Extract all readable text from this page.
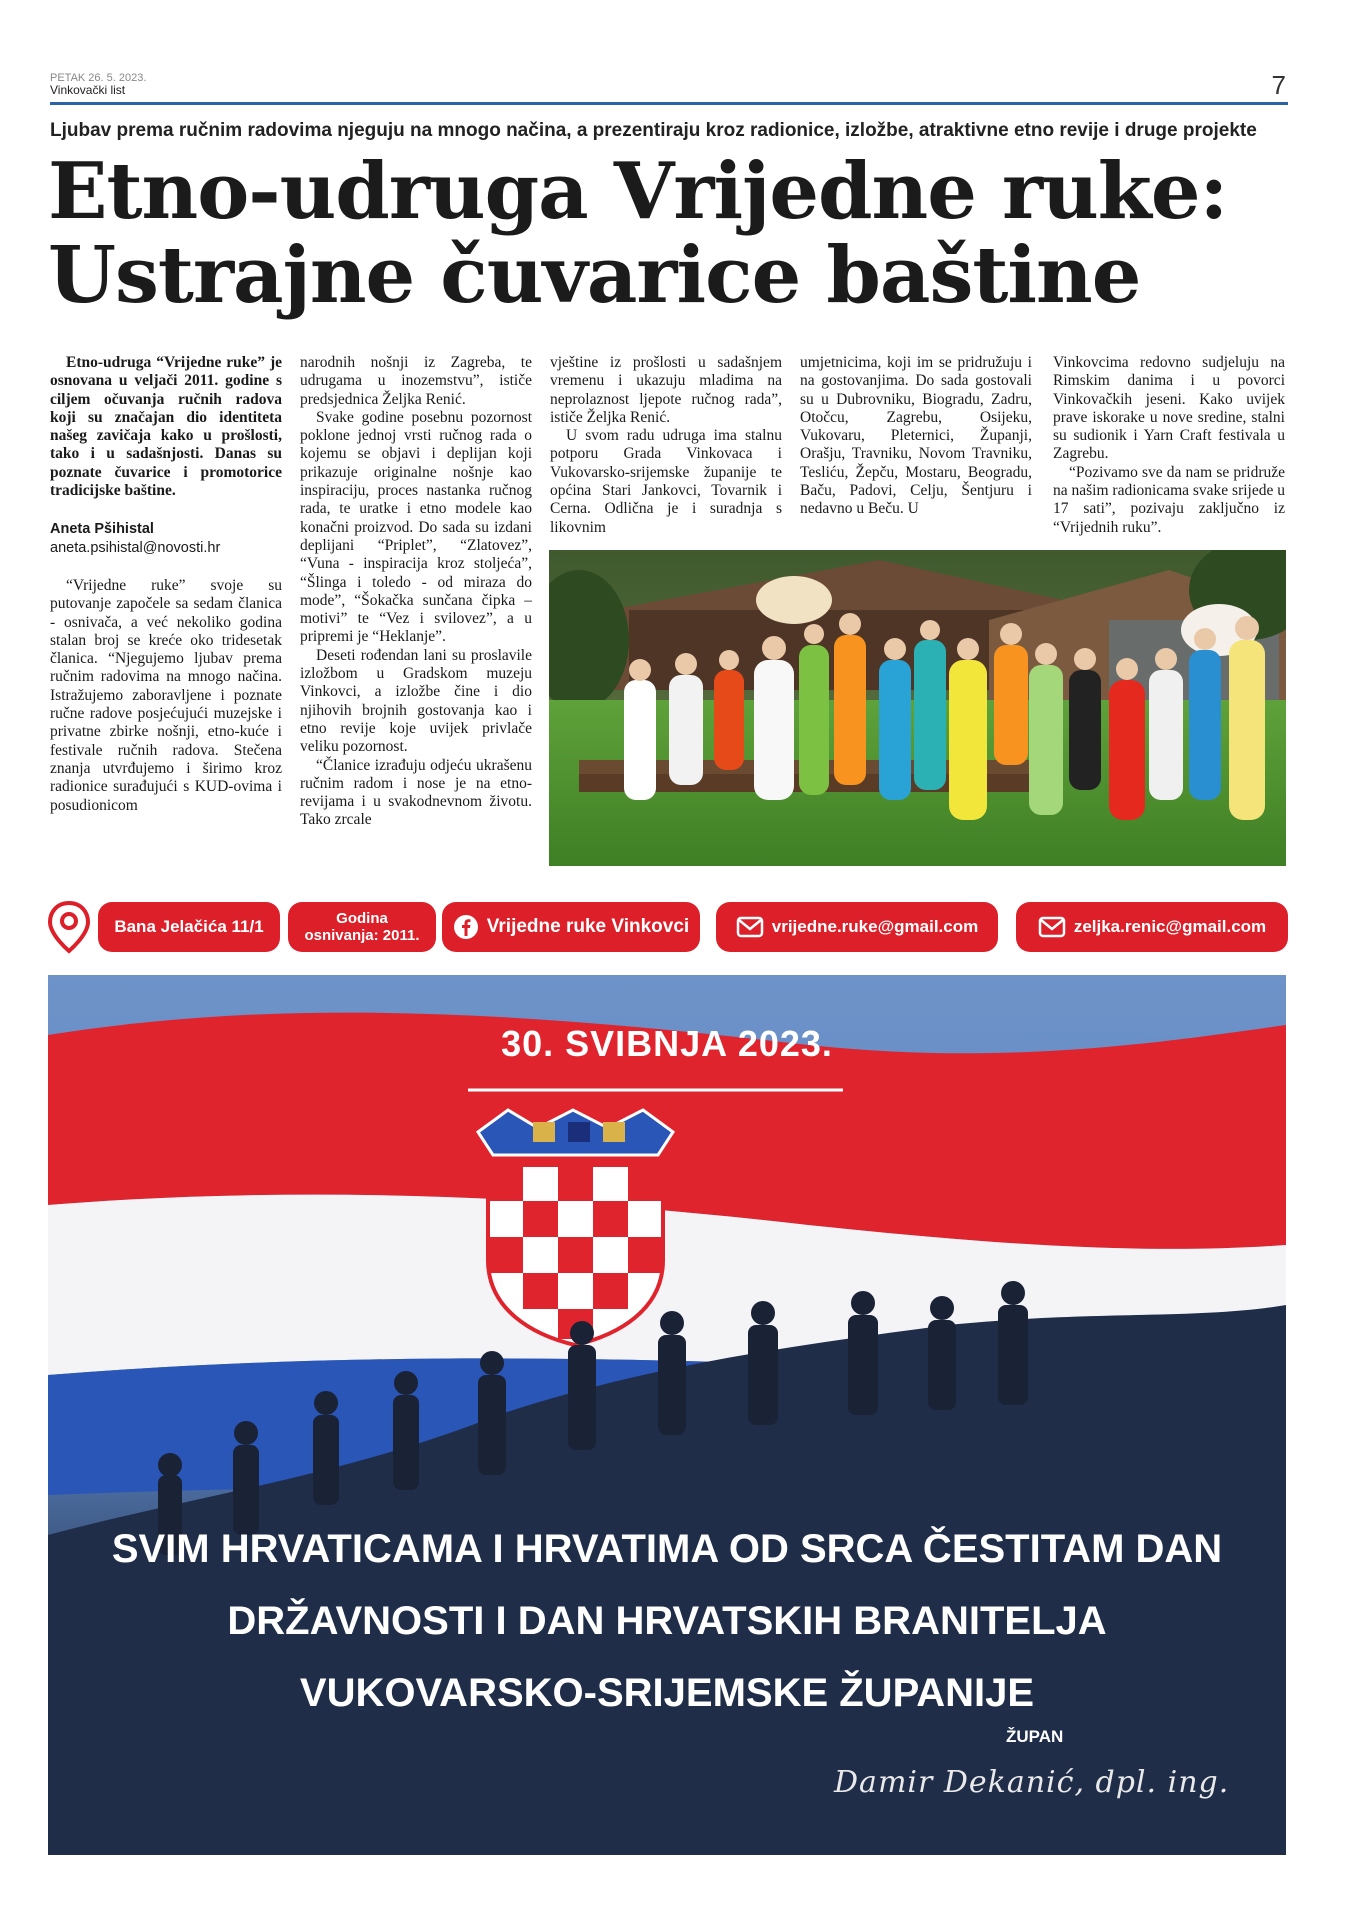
PETAK 26. 5. 2023.
Vinkovački list	7
Ljubav prema ručnim radovima njeguju na mnogo načina, a prezentiraju kroz radionice, izložbe, atraktivne etno revije i druge projekte
Etno-udruga Vrijedne ruke:
Ustrajne čuvarice baštine

Etno-udruga “Vrijedne ruke” je osnovana u veljači 2011. godine s ciljem očuvanja ručnih radova koji su značajan dio identiteta našeg zavičaja kako u prošlosti, tako i u sadašnjosti. Danas su poznate čuvarice i promotorice tradicijske baštine.

Aneta Pšihistal
aneta.psihistal@novosti.hr

“Vrijedne ruke” svoje su putovanje započele sa sedam članica - osnivača, a već nekoliko godina stalan broj se kreće oko tridesetak članica. “Njegujemo ljubav prema ručnim radovima na mnogo načina. Istražujemo zaboravljene i poznate ručne radove posjećujući muzejske i privatne zbirke nošnji, etno-kuće i festivale ručnih radova. Stečena znanja utvrđujemo i širimo kroz radionice surađujući s KUD-ovima i posudionicom

narodnih nošnji iz Zagreba, te udrugama u inozemstvu”, ističe predsjednica Željka Renić.

Svake godine posebnu pozornost poklone jednoj vrsti ručnog rada o kojemu se objavi i deplijan koji prikazuje originalne nošnje kao inspiraciju, proces nastanka ručnog rada, te uratke i etno modele kao konačni proizvod. Do sada su izdani deplijani “Priplet”, “Zlatovez”, “Vuna - inspiracija kroz stoljeća”, “Šlinga i toledo - od miraza do mode”, “Šokačka sunčana čipka – motivi” te “Vez i svilovez”, a u pripremi je “Heklanje”.

Deseti rođendan lani su proslavile izložbom u Gradskom muzeju Vinkovci, a izložbe čine i dio njihovih brojnih gostovanja kao i etno revije koje uvijek privlače veliku pozornost.

“Članice izrađuju odjeću ukrašenu ručnim radom i nose je na etno-revijama i u svakodnevnom životu. Tako zrcale

vještine iz prošlosti u sadašnjem vremenu i ukazuju mladima na neprolaznost ljepote ručnog rada”, ističe Željka Renić.

U svom radu udruga ima stalnu potporu Grada Vinkovaca i Vukovarsko-srijemske županije te općina Stari Jankovci, Tovarnik i Cerna. Odlična je i suradnja s likovnim

umjetnicima, koji im se pridružuju i na gostovanjima. Do sada gostovali su u Dubrovniku, Biogradu, Zadru, Otočcu, Zagrebu, Osijeku, Vukovaru, Pleternici, Županji, Orašju, Travniku, Novom Travniku, Tesliću, Žepču, Mostaru, Beogradu, Baču, Padovi, Celju, Šentjuru i nedavno u Beču. U

Vinkovcima redovno sudjeluju na Rimskim danima i u povorci Vinkovačkih jeseni. Kako uvijek prave iskorake u nove sredine, stalni su sudionik i Yarn Craft festivala u Zagrebu.

“Pozivamo sve da nam se pridruže na našim radionicama svake srijede u 17 sati”, pozivaju zaključno iz “Vrijednih ruku”.

Bana Jelačića 11/1	Godina
osnivanja: 2011.	Vrijedne ruke Vinkovci	vrijedne.ruke@gmail.com	zeljka.renic@gmail.com
30. SVIBNJA 2023.
SVIM HRVATICAMA I HRVATIMA OD SRCA ČESTITAM DAN
DRŽAVNOSTI I DAN HRVATSKIH BRANITELJA
VUKOVARSKO-SRIJEMSKE ŽUPANIJE
ŽUPAN
Damir Dekanić, dpl. ing.
